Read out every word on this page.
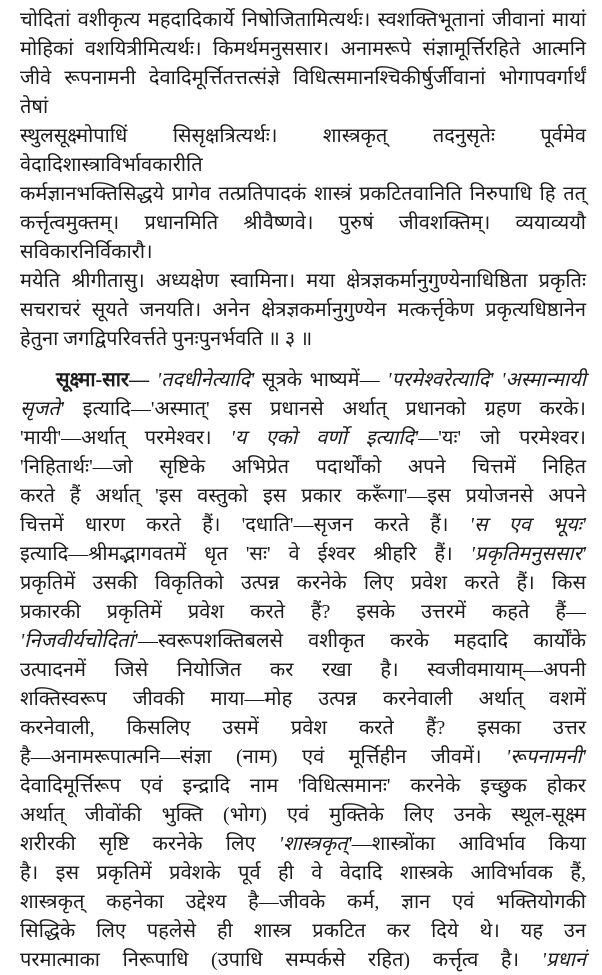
चोदितां वशीकृत्य महदादिकार्ये निषोजितामित्यर्थः। स्वशक्तिभूतानां जीवानां मायां
मोहिकां वशयित्रीमित्यर्थः। किमर्थमनुससार। अनामरूपे संज्ञामूर्त्तिरहिते आत्मनि
जीवे रूपनामनी देवादिमूर्त्तितत्तत्संज्ञे विधित्समानश्चिकीर्षुर्जीवानां भोगापवर्गार्थं तेषां
स्थुलसूक्ष्मोपाधिं सिसृक्षत्रित्यर्थः। शास्त्रकृत् तदनुसृतेः पूर्वमेव वेदादिशास्त्राविर्भावकारीति
कर्मज्ञानभक्तिसिद्धये प्रागेव तत्प्रतिपादकं शास्त्रं प्रकटितवानिति निरुपाधि हि तत्
कर्त्तृत्वमुक्तम्। प्रधानमिति श्रीवैष्णवे। पुरुषं जीवशक्तिम्। व्ययाव्ययौ सविकारनिर्विकारौ।
मयेति श्रीगीतासु। अध्यक्षेण स्वामिना। मया क्षेत्रज्ञकर्मानुगुण्येनाधिष्ठिता प्रकृतिः
सचराचरं सूयते जनयति। अनेन क्षेत्रज्ञकर्मानुगुण्येन मत्कर्त्तृकेण प्रकृत्यधिष्ठानेन
हेतुना जगद्विपरिवर्त्तते पुनःपुनर्भवति ॥ ३ ॥
सूक्ष्मा-सार— 'तदधीनेत्यादि' सूत्रके भाष्यमें— 'परमेश्वरेत्यादि' 'अस्मान्मायी
सृजते' इत्यादि—'अस्मात्' इस प्रधानसे अर्थात् प्रधानको ग्रहण करके।
'मायी'—अर्थात् परमेश्वर। 'य एको वर्णो इत्यादि'—'यः' जो परमेश्वर।
'निहितार्थः'—जो सृष्टिके अभिप्रेत पदार्थोंको अपने चित्तमें निहित
करते हैं अर्थात् 'इस वस्तुको इस प्रकार करूँगा'—इस प्रयोजनसे अपने
चित्तमें धारण करते हैं। 'दधाति'—सृजन करते हैं। 'स एव भूयः'
इत्यादि—श्रीमद्भागवतमें धृत 'सः' वे ईश्वर श्रीहरि हैं। 'प्रकृतिमनुससार'
प्रकृतिमें उसकी विकृतिको उत्पन्न करनेके लिए प्रवेश करते हैं। किस
प्रकारकी प्रकृतिमें प्रवेश करते हैं? इसके उत्तरमें कहते हैं—
'निजवीर्यचोदितां'—स्वरूपशक्तिबलसे वशीकृत करके महदादि कार्योंके
उत्पादनमें जिसे नियोजित कर रखा है। स्वजीवमायाम्—अपनी
शक्तिस्वरूप जीवकी माया—मोह उत्पन्न करनेवाली अर्थात् वशमें
करनेवाली, किसलिए उसमें प्रवेश करते हैं? इसका उत्तर
है—अनामरूपात्मनि—संज्ञा (नाम) एवं मूर्त्तिहीन जीवमें। 'रूपनामनी'
देवादिमूर्त्तिरूप एवं इन्द्रादि नाम 'विधित्समानः' करनेके इच्छुक होकर
अर्थात् जीवोंकी भुक्ति (भोग) एवं मुक्तिके लिए उनके स्थूल-सूक्ष्म
शरीरकी सृष्टि करनेके लिए 'शास्त्रकृत्'—शास्त्रोंका आविर्भाव किया
है। इस प्रकृतिमें प्रवेशके पूर्व ही वे वेदादि शास्त्रके आविर्भावक हैं,
शास्त्रकृत् कहनेका उद्देश्य है—जीवके कर्म, ज्ञान एवं भक्तियोगकी
सिद्धिके लिए पहलेसे ही शास्त्र प्रकटित कर दिये थे। यह उन
परमात्माका निरूपाधि (उपाधि सम्पर्कसे रहित) कर्त्तृत्व है। 'प्रधानं
